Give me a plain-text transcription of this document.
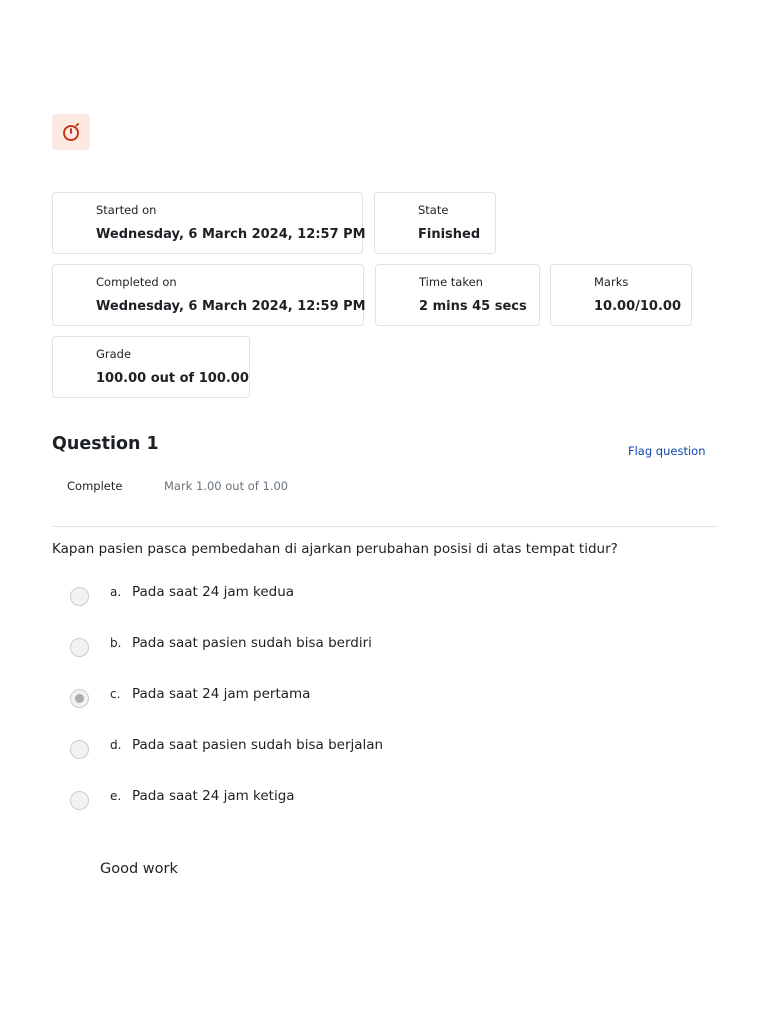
Started on
Wednesday, 6 March 2024, 12:57 PM
State
Finished
Completed on
Wednesday, 6 March 2024, 12:59 PM
Time taken
2 mins 45 secs
Marks
10.00/10.00
Grade
100.00 out of 100.00
Question 1	Flag question
Complete	Mark 1.00 out of 1.00
Kapan pasien pasca pembedahan di ajarkan perubahan posisi di atas tempat tidur?
a. Pada saat 24 jam kedua
b. Pada saat pasien sudah bisa berdiri
c. Pada saat 24 jam pertama
d. Pada saat pasien sudah bisa berjalan
e. Pada saat 24 jam ketiga
Good work
